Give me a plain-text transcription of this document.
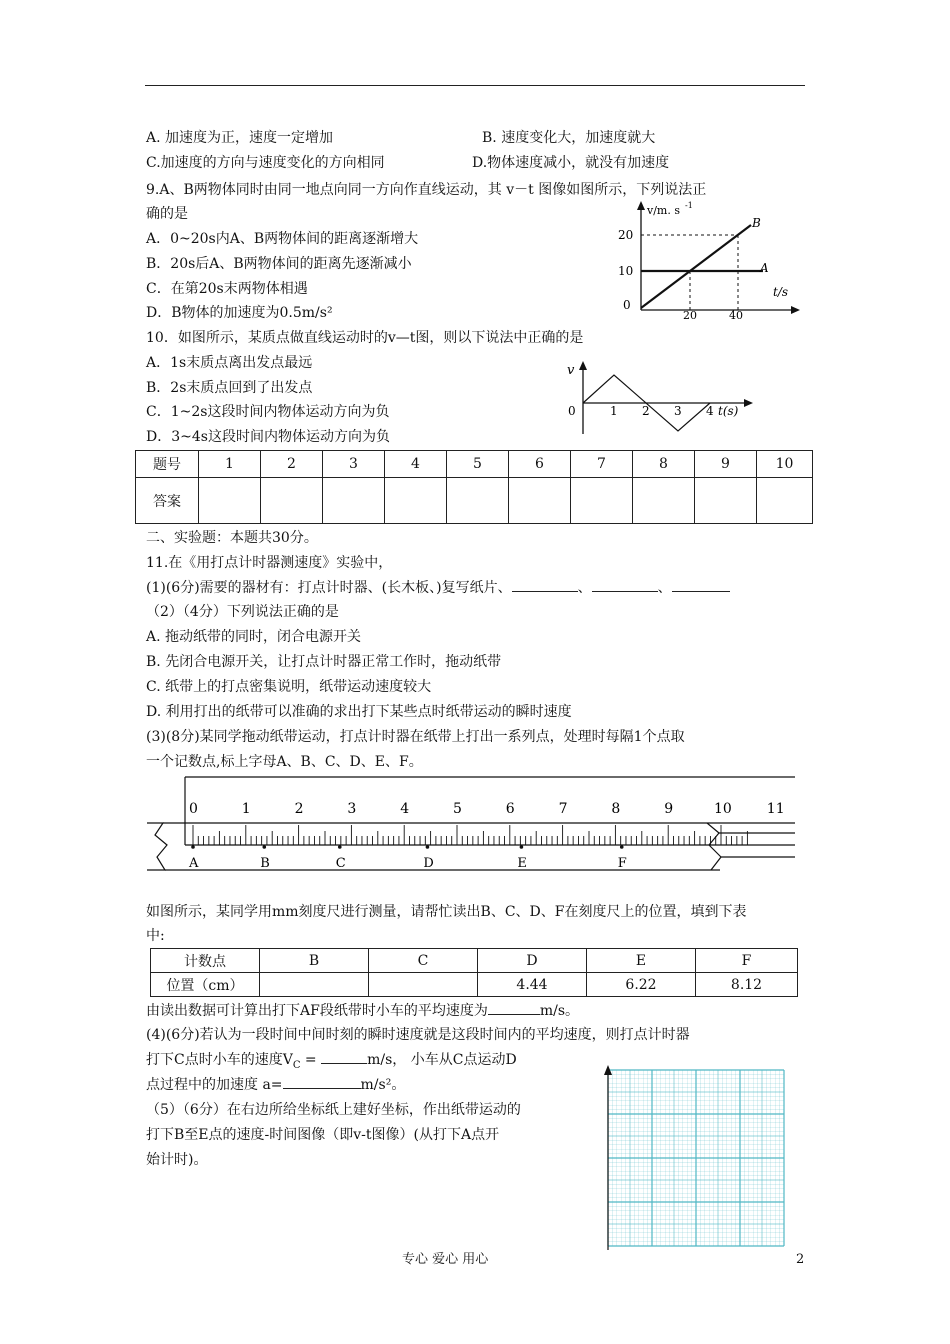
A. 加速度为正，速度一定增加	B. 速度变化大，加速度就大
C.加速度的方向与速度变化的方向相同	D.物体速度减小，就没有加速度
9.A、B两物体同时由同一地点向同一方向作直线运动，其 v－t 图像如图所示，下列说法正
确的是
A．0~20s内A、B两物体间的距离逐渐增大
B．20s后A、B两物体间的距离先逐渐减小
C．在第20s末两物体相遇
D．B物体的加速度为0.5m/s²
v/m. s -1
20
10
0
20	40
t/s
A
B
10．如图所示，某质点做直线运动时的v—t图，则以下说法中正确的是
A．1s末质点离出发点最远
B．2s末质点回到了出发点
C．1~2s这段时间内物体运动方向为负
D．3~4s这段时间内物体运动方向为负
v
0	1 2 3 4 t(s)
题号	1	2	3	4	5	6	7	8	9	10
答案										
二、实验题：本题共30分。
11.在《用打点计时器测速度》实验中，
(1)(6分)需要的器材有：打点计时器、(长木板、)复写纸片、	、	、
（2）（4分）下列说法正确的是
A. 拖动纸带的同时，闭合电源开关
B. 先闭合电源开关，让打点计时器正常工作时，拖动纸带
C. 纸带上的打点密集说明，纸带运动速度较大
D. 利用打出的纸带可以准确的求出打下某些点时纸带运动的瞬时速度
(3)(8分)某同学拖动纸带运动，打点计时器在纸带上打出一系列点，处理时每隔1个点取
一个记数点,标上字母A、B、C、D、E、F。
0	1	2	3	4	5	6	7	8	9	10 11
A	B	C	D	E	F
如图所示，某同学用mm刻度尺进行测量，请帮忙读出B、C、D、F在刻度尺上的位置，填到下表
中:
计数点	B	C	D	E	F
位置（cm）			4.44	6.22	8.12
由读出数据可计算出打下AF段纸带时小车的平均速度为	m/s。
(4)(6分)若认为一段时间中间时刻的瞬时速度就是这段时间内的平均速度，则打点计时器
打下C点时小车的速度$V_C$ =	m/s， 小车从C点运动D
点过程中的加速度 a=	m/s²。
（5）（6分）在右边所给坐标纸上建好坐标，作出纸带运动的
打下B至E点的速度-时间图像（即v-t图像）(从打下A点开
始计时)。
专心 爱心 用心	2
